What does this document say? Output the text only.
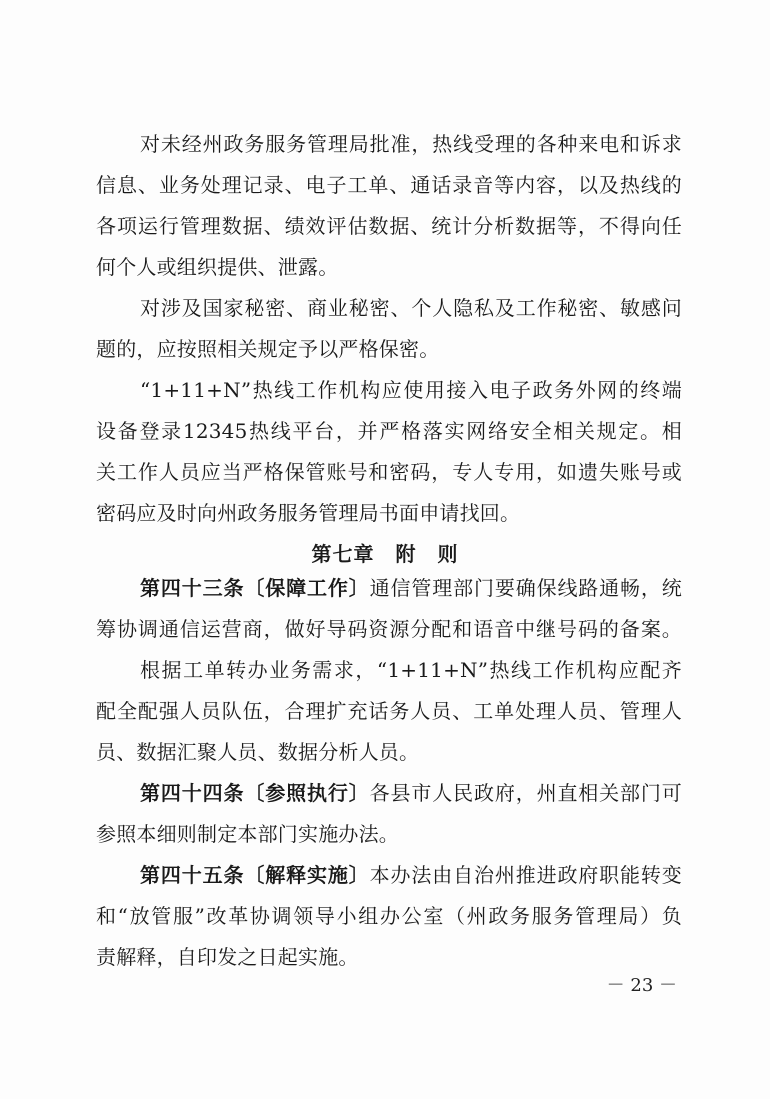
对未经州政务服务管理局批准，热线受理的各种来电和诉求
信息、业务处理记录、电子工单、通话录音等内容，以及热线的
各项运行管理数据、绩效评估数据、统计分析数据等，不得向任
何个人或组织提供、泄露。
对涉及国家秘密、商业秘密、个人隐私及工作秘密、敏感问
题的，应按照相关规定予以严格保密。
“1+11+N”热线工作机构应使用接入电子政务外网的终端
设备登录12345热线平台，并严格落实网络安全相关规定。相
关工作人员应当严格保管账号和密码，专人专用，如遗失账号或
密码应及时向州政务服务管理局书面申请找回。
第七章　附　则
第四十三条〔保障工作〕通信管理部门要确保线路通畅，统
筹协调通信运营商，做好导码资源分配和语音中继号码的备案。
根据工单转办业务需求，“1+11+N”热线工作机构应配齐
配全配强人员队伍，合理扩充话务人员、工单处理人员、管理人
员、数据汇聚人员、数据分析人员。
第四十四条〔参照执行〕各县市人民政府，州直相关部门可
参照本细则制定本部门实施办法。
第四十五条〔解释实施〕本办法由自治州推进政府职能转变
和“放管服”改革协调领导小组办公室（州政务服务管理局）负
责解释，自印发之日起实施。
－ 23 －
